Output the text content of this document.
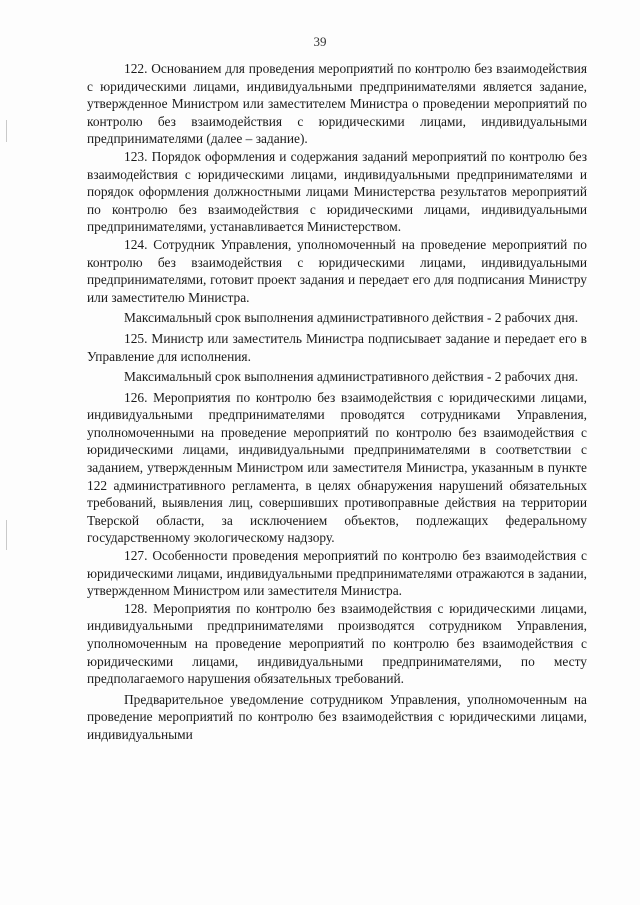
39

122. Основанием для проведения мероприятий по контролю без взаимодействия с юридическими лицами, индивидуальными предпринимателями является задание, утвержденное Министром или заместителем Министра о проведении мероприятий по контролю без взаимодействия с юридическими лицами, индивидуальными предпринимателями (далее – задание).

123. Порядок оформления и содержания заданий мероприятий по контролю без взаимодействия с юридическими лицами, индивидуальными предпринимателями и порядок оформления должностными лицами Министерства результатов мероприятий по контролю без взаимодействия с юридическими лицами, индивидуальными предпринимателями, устанавливается Министерством.

124. Сотрудник Управления, уполномоченный на проведение мероприятий по контролю без взаимодействия с юридическими лицами, индивидуальными предпринимателями, готовит проект задания и передает его для подписания Министру или заместителю Министра.

Максимальный срок выполнения административного действия - 2 рабочих дня.

125. Министр или заместитель Министра подписывает задание и передает его в Управление для исполнения.

Максимальный срок выполнения административного действия - 2 рабочих дня.

126. Мероприятия по контролю без взаимодействия с юридическими лицами, индивидуальными предпринимателями проводятся сотрудниками Управления, уполномоченными на проведение мероприятий по контролю без взаимодействия с юридическими лицами, индивидуальными предпринимателями в соответствии с заданием, утвержденным Министром или заместителя Министра, указанным в пункте 122 административного регламента, в целях обнаружения нарушений обязательных требований, выявления лиц, совершивших противоправные действия на территории Тверской области, за исключением объектов, подлежащих федеральному государственному экологическому надзору.

127. Особенности проведения мероприятий по контролю без взаимодействия с юридическими лицами, индивидуальными предпринимателями отражаются в задании, утвержденном Министром или заместителя Министра.

128. Мероприятия по контролю без взаимодействия с юридическими лицами, индивидуальными предпринимателями производятся сотрудником Управления, уполномоченным на проведение мероприятий по контролю без взаимодействия с юридическими лицами, индивидуальными предпринимателями, по месту предполагаемого нарушения обязательных требований.

Предварительное уведомление сотрудником Управления, уполномоченным на проведение мероприятий по контролю без взаимодействия с юридическими лицами, индивидуальными
